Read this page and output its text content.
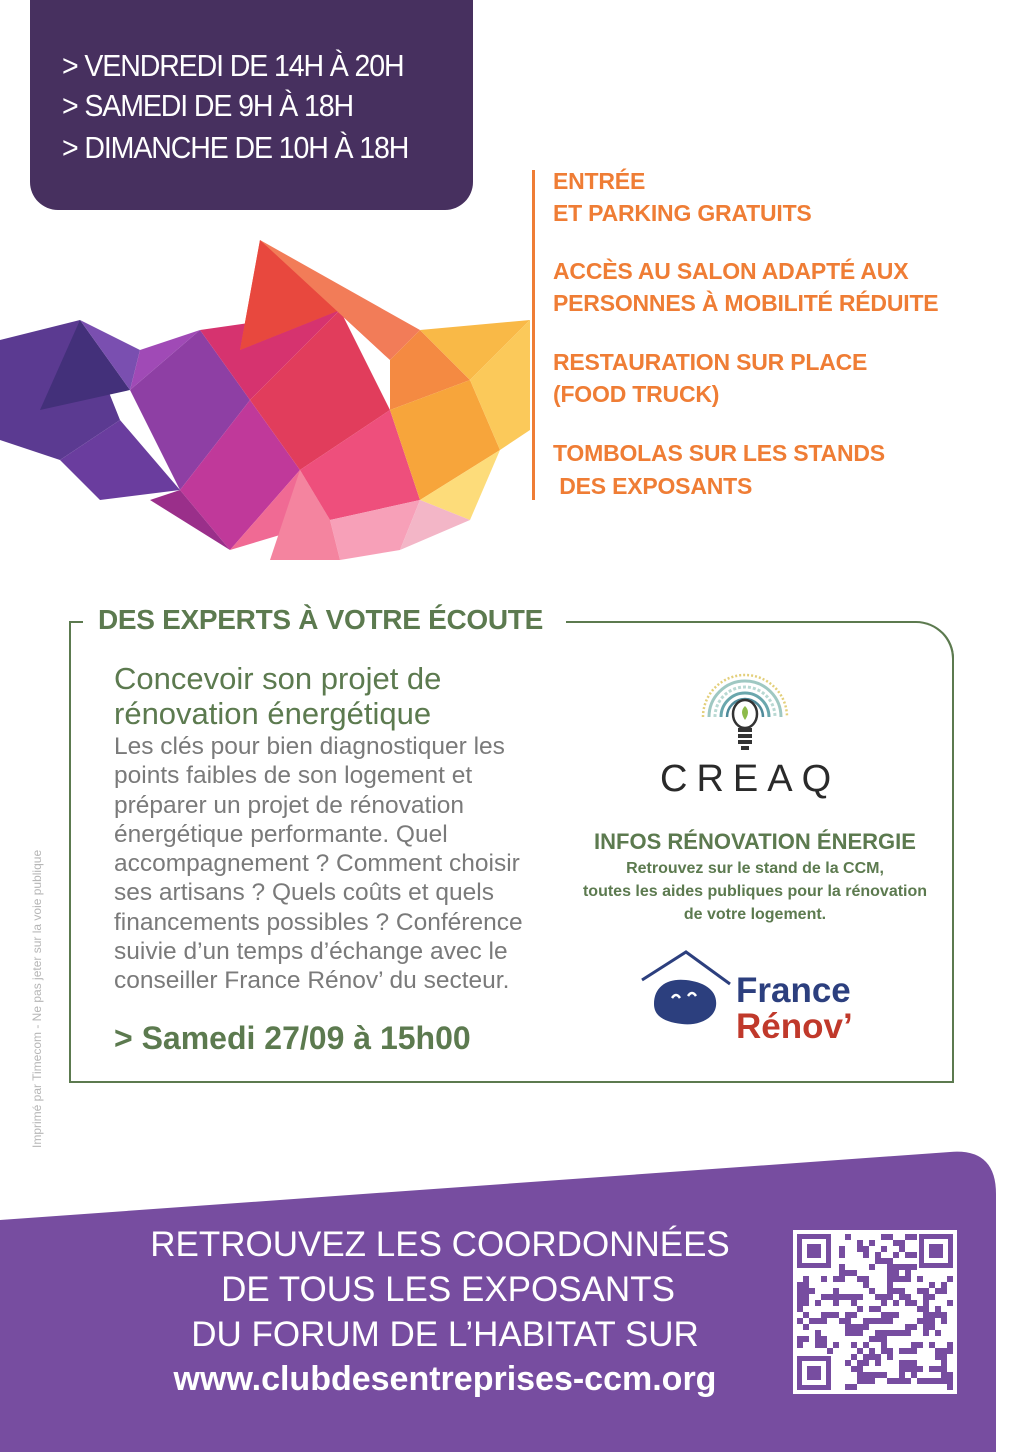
> VENDREDI DE 14H À 20H
> SAMEDI DE 9H À 18H
> DIMANCHE DE 10H À 18H
ENTRÉE
ET PARKING GRATUITS
ACCÈS AU SALON ADAPTÉ AUX
PERSONNES À MOBILITÉ RÉDUITE
RESTAURATION SUR PLACE
(FOOD TRUCK)
TOMBOLAS SUR LES STANDS
DES EXPOSANTS
DES EXPERTS À VOTRE ÉCOUTE
Concevoir son projet de rénovation énergétique
Les clés pour bien diagnostiquer les points faibles de son logement et préparer un projet de rénovation énergétique performante. Quel accompagnement ? Comment choisir ses artisans ? Quels coûts et quels financements possibles ? Conférence suivie d’un temps d’échange avec le conseiller France Rénov’ du secteur.
> Samedi 27/09 à 15h00
CREAQ
INFOS RÉNOVATION ÉNERGIE
Retrouvez sur le stand de la CCM,
toutes les aides publiques pour la rénovation
de votre logement.
France
Rénov’
Imprimé par Timecom - Ne pas jeter sur la voie publique
RETROUVEZ LES COORDONNÉES
DE TOUS LES EXPOSANTS
DU FORUM DE L’HABITAT SUR
www.clubdesentreprises-ccm.org
